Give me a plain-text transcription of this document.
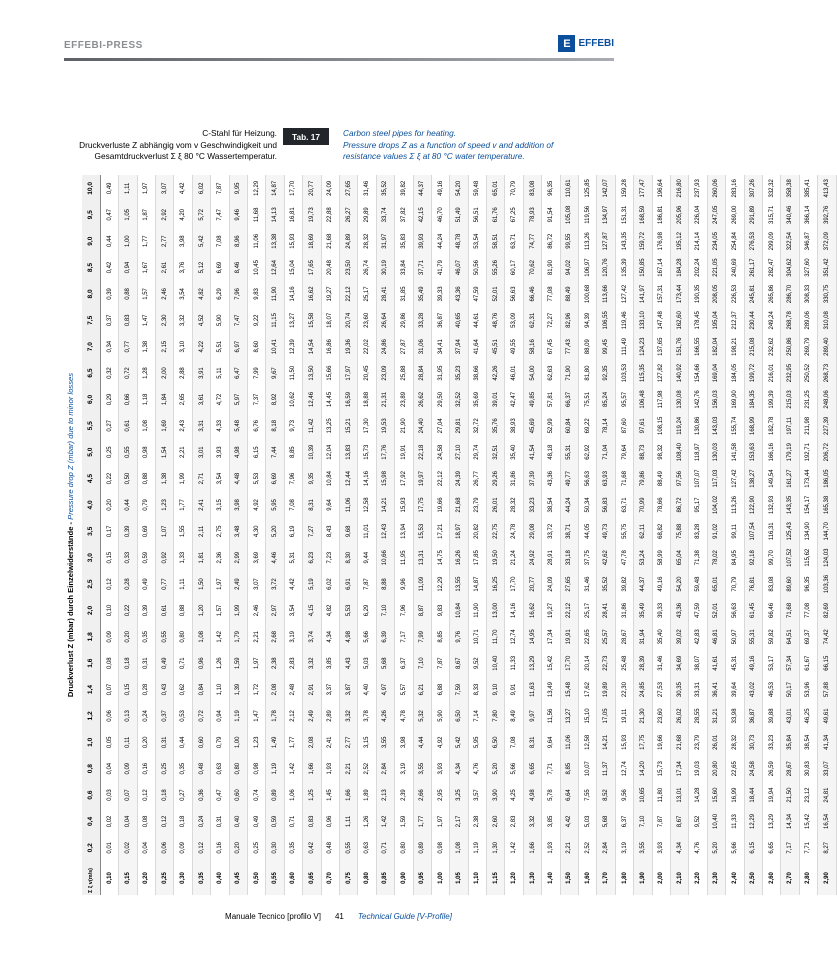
EFFEBI-PRESS	E EFFEBI
C-Stahl für Heizung.
Druckverluste Z abhängig vom v Geschwindigkeit und
Gesamtdruckverlust Σ ξ 80 °C Wassertemperatur.
Tab. 17	Carbon steel pipes for heating.
Pressure drops Z as a function of speed v and addition of
resistance values Σ ξ at 80 °C water temperature.
Druckverlust Z (mbar) durch Einzelwiderstände - Pressure drop Z (mbar) due to minor losses
Σ ξ v(m/s)	0,2	0,4	0,6	0,8	1,0	1,2	1,4	1,6	1,8	2,0	2,5	3,0	3,5	4,0	4,5	5,0	5,5	6,0	6,5	7,0	7,5	8,0	8,5	9,0	9,5	10,0
0,10	0,01	0,02	0,03	0,04	0,05	0,06	0,07	0,08	0,09	0,10	0,12	0,15	0,17	0,20	0,22	0,25	0,27	0,29	0,32	0,34	0,37	0,39	0,42	0,44	0,47	0,49
0,15	0,02	0,04	0,07	0,09	0,11	0,13	0,15	0,18	0,20	0,22	0,28	0,33	0,39	0,44	0,50	0,55	0,61	0,66	0,72	0,77	0,83	0,88	0,94	1,00	1,05	1,11
0,20	0,04	0,08	0,12	0,16	0,20	0,24	0,28	0,31	0,35	0,39	0,49	0,59	0,69	0,79	0,88	0,98	1,08	1,18	1,28	1,38	1,47	1,57	1,67	1,77	1,87	1,97
0,25	0,06	0,12	0,18	0,25	0,31	0,37	0,43	0,49	0,55	0,61	0,77	0,92	1,07	1,23	1,38	1,54	1,69	1,84	2,00	2,15	2,30	2,46	2,61	2,77	2,92	3,07
0,30	0,09	0,18	0,27	0,35	0,44	0,53	0,62	0,71	0,80	0,88	1,11	1,33	1,55	1,77	1,99	2,21	2,43	2,65	2,88	3,10	3,32	3,54	3,76	3,98	4,20	4,42
0,35	0,12	0,24	0,36	0,48	0,60	0,72	0,84	0,96	1,08	1,20	1,50	1,81	2,11	2,41	2,71	3,01	3,31	3,61	3,91	4,22	4,52	4,82	5,12	5,42	5,72	6,02
0,40	0,16	0,31	0,47	0,63	0,79	0,94	1,10	1,26	1,42	1,57	1,97	2,36	2,75	3,15	3,54	3,93	4,33	4,72	5,11	5,51	5,90	6,29	6,69	7,08	7,47	7,87
0,45	0,20	0,40	0,60	0,80	1,00	1,19	1,39	1,59	1,79	1,99	2,49	2,99	3,48	3,98	4,48	4,98	5,48	5,97	6,47	6,97	7,47	7,96	8,46	8,96	9,46	9,95
0,50	0,25	0,49	0,74	0,98	1,23	1,47	1,72	1,97	2,21	2,46	3,07	3,69	4,30	4,92	5,53	6,15	6,76	7,37	7,99	8,60	9,22	9,83	10,45	11,06	11,68	12,29
0,55	0,30	0,59	0,89	1,19	1,49	1,78	2,08	2,38	2,68	2,97	3,72	4,46	5,20	5,95	6,69	7,44	8,18	8,92	9,67	10,41	11,15	11,90	12,64	13,38	14,13	14,87
0,60	0,35	0,71	1,06	1,42	1,77	2,12	2,48	2,83	3,19	3,54	4,42	5,31	6,19	7,08	7,96	8,85	9,73	10,62	11,50	12,39	13,27	14,16	15,04	15,93	16,81	17,70
0,65	0,42	0,83	1,25	1,66	2,08	2,49	2,91	3,32	3,74	4,15	5,19	6,23	7,27	8,31	9,35	10,39	11,42	12,46	13,50	14,54	15,58	16,62	17,65	18,69	19,73	20,77
0,70	0,48	0,96	1,45	1,93	2,41	2,89	3,37	3,85	4,34	4,82	6,02	7,23	8,43	9,64	10,84	12,04	13,25	14,45	15,66	16,86	18,07	19,27	20,48	21,68	22,88	24,09
0,75	0,55	1,11	1,66	2,21	2,77	3,32	3,87	4,43	4,98	5,53	6,91	8,30	9,68	11,06	12,44	13,83	15,21	16,59	17,97	19,36	20,74	22,12	23,50	24,89	26,27	27,65
0,80	0,63	1,26	1,89	2,52	3,15	3,78	4,40	5,03	5,66	6,29	7,87	9,44	11,01	12,58	14,16	15,73	17,30	18,88	20,45	22,02	23,60	25,17	26,74	28,32	29,89	31,46
0,85	0,71	1,42	2,13	2,84	3,55	4,26	4,97	5,68	6,39	7,10	8,88	10,66	12,43	14,21	15,98	17,76	19,53	21,31	23,09	24,86	26,64	28,41	30,19	31,97	33,74	35,52
0,90	0,80	1,59	2,39	3,19	3,98	4,78	5,57	6,37	7,17	7,96	9,96	11,95	13,94	15,93	17,92	19,91	21,90	23,89	25,88	27,87	29,86	31,85	33,84	35,83	37,82	39,82
0,95	0,89	1,77	2,66	3,55	4,44	5,32	6,21	7,10	7,99	8,87	11,09	13,31	15,53	17,75	19,97	22,18	24,40	26,62	28,84	31,06	33,28	35,49	37,71	39,93	42,15	44,37
1,00	0,98	1,97	2,95	3,93	4,92	5,90	6,88	7,87	8,85	9,83	12,29	14,75	17,21	19,66	22,12	24,58	27,04	29,50	31,95	34,41	36,87	39,33	41,79	44,24	46,70	49,16
1,05	1,08	2,17	3,25	4,34	5,42	6,50	7,59	8,67	9,76	10,84	13,55	16,26	18,97	21,68	24,39	27,10	29,81	32,52	35,23	37,94	40,65	43,36	46,07	48,78	51,49	54,20
1,10	1,19	2,38	3,57	4,76	5,95	7,14	8,33	9,52	10,71	11,90	14,87	17,85	20,82	23,79	26,77	29,74	32,72	35,69	38,66	41,64	44,61	47,59	50,56	53,54	56,51	59,48
1,15	1,30	2,60	3,90	5,20	6,50	7,80	9,10	10,40	11,70	13,00	16,25	19,50	22,75	26,01	29,26	32,51	35,76	39,01	42,26	45,51	48,76	52,01	55,26	58,51	61,76	65,01
1,20	1,42	2,83	4,25	5,66	7,08	8,49	9,91	11,33	12,74	14,16	17,70	21,24	24,78	28,32	31,86	35,40	38,93	42,47	46,01	49,55	53,09	56,63	60,17	63,71	67,25	70,79
1,30	1,66	3,32	4,98	6,65	8,31	9,97	11,63	13,29	14,95	16,62	20,77	24,92	29,08	33,23	37,39	41,54	45,69	49,85	54,00	58,16	62,31	66,46	70,62	74,77	78,93	83,08
1,40	1,93	3,85	5,78	7,71	9,64	11,56	13,49	15,42	17,34	19,27	24,09	28,91	33,72	38,54	43,36	48,18	52,99	57,81	62,63	67,45	72,27	77,08	81,90	86,72	91,54	96,35
1,50	2,21	4,42	6,64	8,85	11,06	13,27	15,48	17,70	19,91	22,12	27,65	33,18	38,71	44,24	49,77	55,31	60,84	66,37	71,90	77,43	82,96	88,49	94,02	99,55	105,08	110,61
1,60	2,52	5,03	7,55	10,07	12,58	15,10	17,62	20,14	22,65	25,17	31,46	37,75	44,05	50,34	56,63	62,92	69,22	75,51	81,80	88,09	94,39	100,68	106,97	113,26	119,56	125,85
1,70	2,84	5,68	8,52	11,37	14,21	17,05	19,89	22,73	25,57	28,41	35,52	42,62	49,73	56,83	63,93	71,04	78,14	85,24	92,35	99,45	106,55	113,66	120,76	127,87	134,97	142,07
1,80	3,19	6,37	9,56	12,74	15,93	19,11	22,30	25,48	28,67	31,86	39,82	47,78	55,75	63,71	71,68	79,64	87,60	95,57	103,53	111,49	119,46	127,42	135,39	143,35	151,31	159,28
1,90	3,55	7,10	10,65	14,20	17,75	21,30	24,85	28,39	31,94	35,49	44,37	53,24	62,11	70,99	79,86	88,73	97,61	106,48	115,35	124,23	133,10	141,97	150,85	159,72	168,59	177,47
2,00	3,93	7,87	11,80	15,73	19,66	23,60	27,53	31,46	35,40	39,33	49,16	58,99	68,82	78,66	88,49	98,32	108,15	117,98	127,82	137,65	147,48	157,31	167,14	176,98	186,81	196,64
2,10	4,34	8,67	13,01	17,34	21,68	26,02	30,35	34,69	39,02	43,36	54,20	65,04	75,88	86,72	97,56	108,40	119,24	130,08	140,92	151,76	162,60	173,44	184,28	195,12	205,96	216,80
2,20	4,76	9,52	14,28	19,03	23,79	28,55	33,31	38,07	42,83	47,59	59,48	71,38	83,28	95,17	107,07	118,97	130,86	142,76	154,66	166,55	178,45	190,35	202,24	214,14	226,04	237,93
2,30	5,20	10,40	15,60	20,80	26,01	31,21	36,41	41,61	46,81	52,01	65,01	78,02	91,02	104,02	117,03	130,03	143,03	156,03	169,04	182,04	195,04	208,05	221,05	234,05	247,05	260,06
2,40	5,66	11,33	16,99	22,65	28,32	33,98	39,64	45,31	50,97	56,63	70,79	84,95	99,11	113,26	127,42	141,58	155,74	169,90	184,05	198,21	212,37	226,53	240,69	254,84	269,00	283,16
2,50	6,15	12,29	18,44	24,58	30,73	36,87	43,02	49,16	55,31	61,45	76,81	92,18	107,54	122,90	138,27	153,63	168,99	184,35	199,72	215,08	230,44	245,81	261,17	276,53	291,89	307,26
2,60	6,65	13,29	19,94	26,59	33,23	39,88	46,53	53,17	59,82	66,46	83,08	99,70	116,31	132,93	149,54	166,16	182,78	199,39	216,01	232,62	249,24	265,86	282,47	299,09	315,71	332,32
2,70	7,17	14,34	21,50	28,67	35,84	43,01	50,17	57,34	64,51	71,68	89,60	107,52	125,43	143,35	161,27	179,19	197,11	215,03	232,95	250,86	268,78	286,70	304,62	322,54	340,46	358,38
2,80	7,71	15,42	23,12	30,83	38,54	46,25	53,96	61,67	69,37	77,08	96,35	115,62	134,90	154,17	173,44	192,71	211,98	231,25	250,52	269,79	289,06	308,33	327,60	346,87	366,14	385,41
2,90	8,27	16,54	24,81	33,07	41,34	49,61	57,88	66,15	74,42	82,69	103,36	124,03	144,70	165,38	186,05	206,72	227,39	248,06	268,73	289,40	310,08	330,75	351,42	372,09	392,76	413,43
Manuale Tecnico [profilo V] 41 Technical Guide [V-Profile]
